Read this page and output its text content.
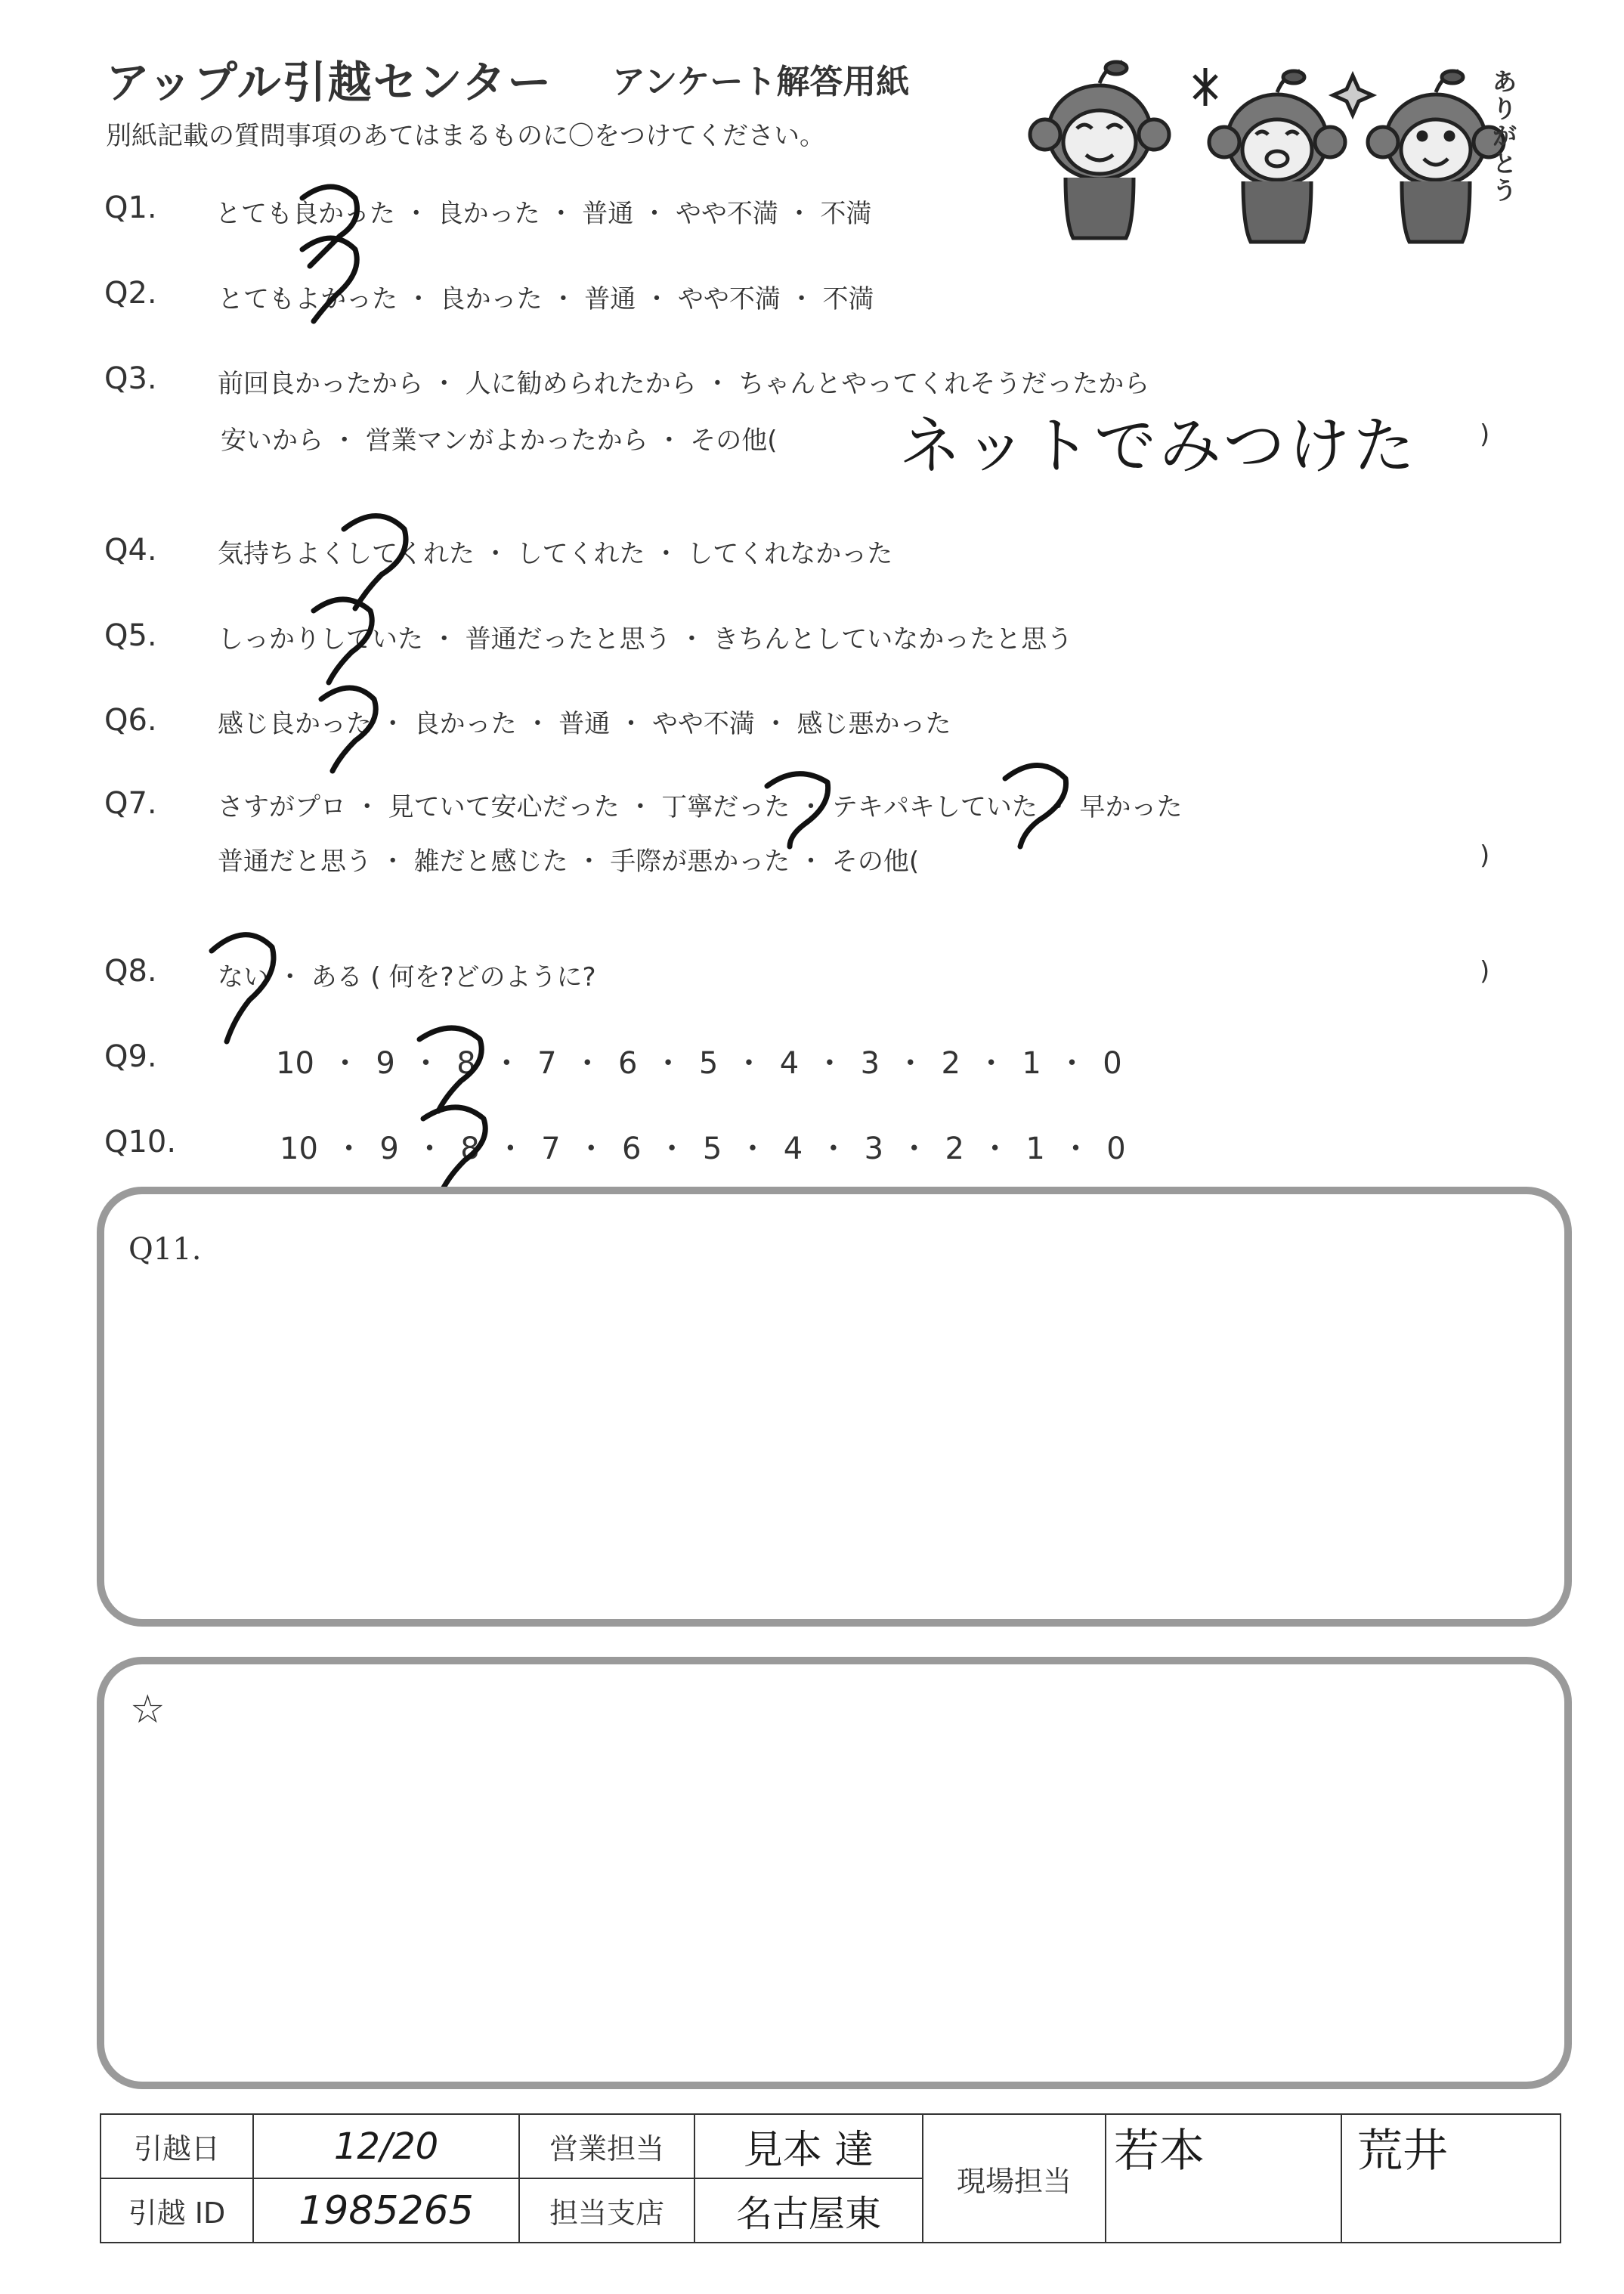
アップル引越センター アンケート解答用紙
別紙記載の質問事項のあてはまるものに〇をつけてください。
ありがとう
Q1. とても良かった ・ 良かった ・ 普通 ・ やや不満 ・ 不満
Q2. とてもよかった ・ 良かった ・ 普通 ・ やや不満 ・ 不満
Q3. 前回良かったから ・ 人に勧められたから ・ ちゃんとやってくれそうだったから
安いから ・ 営業マンがよかったから ・ その他(	)
ネットでみつけた
Q4. 気持ちよくしてくれた ・ してくれた ・ してくれなかった
Q5. しっかりしていた ・ 普通だったと思う ・ きちんとしていなかったと思う
Q6. 感じ良かった ・ 良かった ・ 普通 ・ やや不満 ・ 感じ悪かった
Q7. さすがプロ ・ 見ていて安心だった ・ 丁寧だった ・ テキパキしていた ・ 早かった
普通だと思う ・ 雑だと感じた ・ 手際が悪かった ・ その他(	)
Q8. ない ・ ある ( 何を?どのように?	)
Q9.	10 ・ 9 ・ 8 ・ 7 ・ 6 ・ 5 ・ 4 ・ 3 ・ 2 ・ 1 ・ 0
Q10.	10 ・ 9 ・ 8 ・ 7 ・ 6 ・ 5 ・ 4 ・ 3 ・ 2 ・ 1 ・ 0
Q11.
☆
引越日	12/20	営業担当	見本 達	現場担当	若本	荒井
引越 ID	1985265	担当支店	名古屋東			
